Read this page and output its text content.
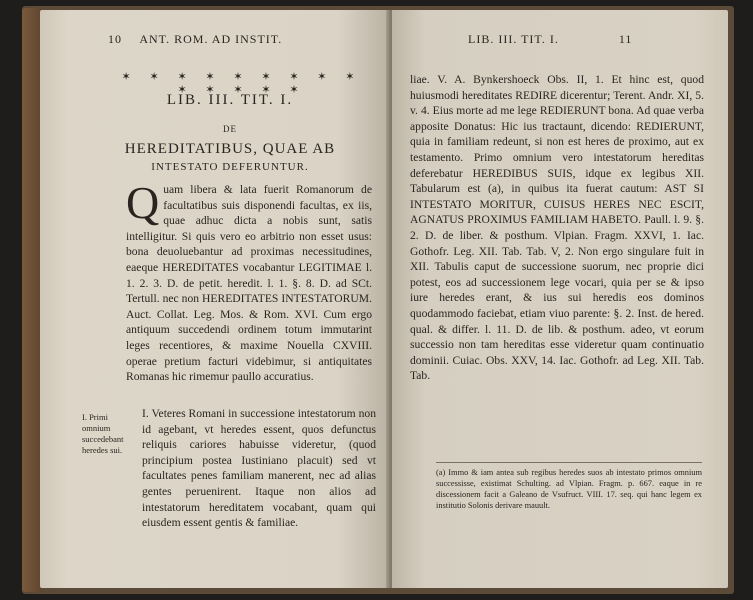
10 ANT. ROM. AD INSTIT.
✶ ✶ ✶ ✶ ✶ ✶ ✶ ✶ ✶ ✶ ✶ ✶ ✶ ✶
LIB. III. TIT. I.
DE
HEREDITATIBUS, QUAE AB
INTESTATO DEFERUNTUR.
Q uam libera & lata fuerit Romanorum de facultatibus suis disponendi facultas, ex iis, quae adhuc dicta a nobis sunt, satis intelligitur. Si quis vero eo arbitrio non esset usus: bona deuoluebantur ad proximas necessitudines, eaeque HEREDITATES vocabantur LEGITIMAE l. 1. 2. 3. D. de petit. heredit. l. 1. §. 8. D. ad SCt. Tertull. nec non HEREDITATES INTESTATORUM. Auct. Collat. Leg. Mos. & Rom. XVI. Cum ergo antiquum succedendi ordinem totum immutarint leges recentiores, & maxime Nouella CXVIII. operae pretium facturi videbimur, si antiquitates Romanas hic rimemur paullo accuratius.
I. Primi omnium succedebant heredes sui.
I. Veteres Romani in successione intestatorum non id agebant, vt heredes essent, quos defunctus reliquis cariores habuisse videretur, (quod principium postea Iustiniano placuit) sed vt facultates penes familiam manerent, nec ad alias gentes peruenirent. Itaque non alios ad intestatorum hereditatem vocabant, quam qui eiusdem essent gentis & familiae.
LIB. III. TIT. I.	11
liae. V. A. Bynkershoeck Obs. II, 1. Et hinc est, quod huiusmodi hereditates REDIRE dicerentur; Terent. Andr. XI, 5. v. 4. Eius morte ad me lege REDIERUNT bona. Ad quae verba apposite Donatus: Hic ius tractaunt, dicendo: REDIERUNT, quia in familiam redeunt, si non est heres de proximo, aut ex testamento. Primo omnium vero intestatorum hereditas deferebatur HEREDIBUS SUIS, idque ex legibus XII. Tabularum est (a), in quibus ita fuerat cautum: AST SI INTESTATO MORITUR, CUISUS HERES NEC ESCIT, AGNATUS PROXIMUS FAMILIAM HABETO. Paull. l. 9. §. 2. D. de liber. & posthum. Vlpian. Fragm. XXVI, 1. Iac. Gothofr. Leg. XII. Tab. Tab. V, 2. Non ergo singulare fuit in XII. Tabulis caput de successione suorum, nec proprie dici potest, eos ad successionem lege vocari, quia per se & ipso iure heredes erant, & ius sui heredis eos dominos quodammodo faciebat, etiam viuo parente: §. 2. Inst. de hered. qual. & differ. l. 11. D. de lib. & posthum. adeo, vt eorum successio non tam hereditas esse videretur quam continuatio dominii. Cuiac. Obs. XXV, 14. Iac. Gothofr. ad Leg. XII. Tab. Tab.
(a) Immo & iam antea sub regibus heredes suos ab intestato primos omnium successisse, existimat Schulting. ad Vlpian. Fragm. p. 667. eaque in re discessionem facit a Galeano de Vsufruct. VIII. 17. seq. qui hanc legem ex institutio Solonis derivare mauult.
